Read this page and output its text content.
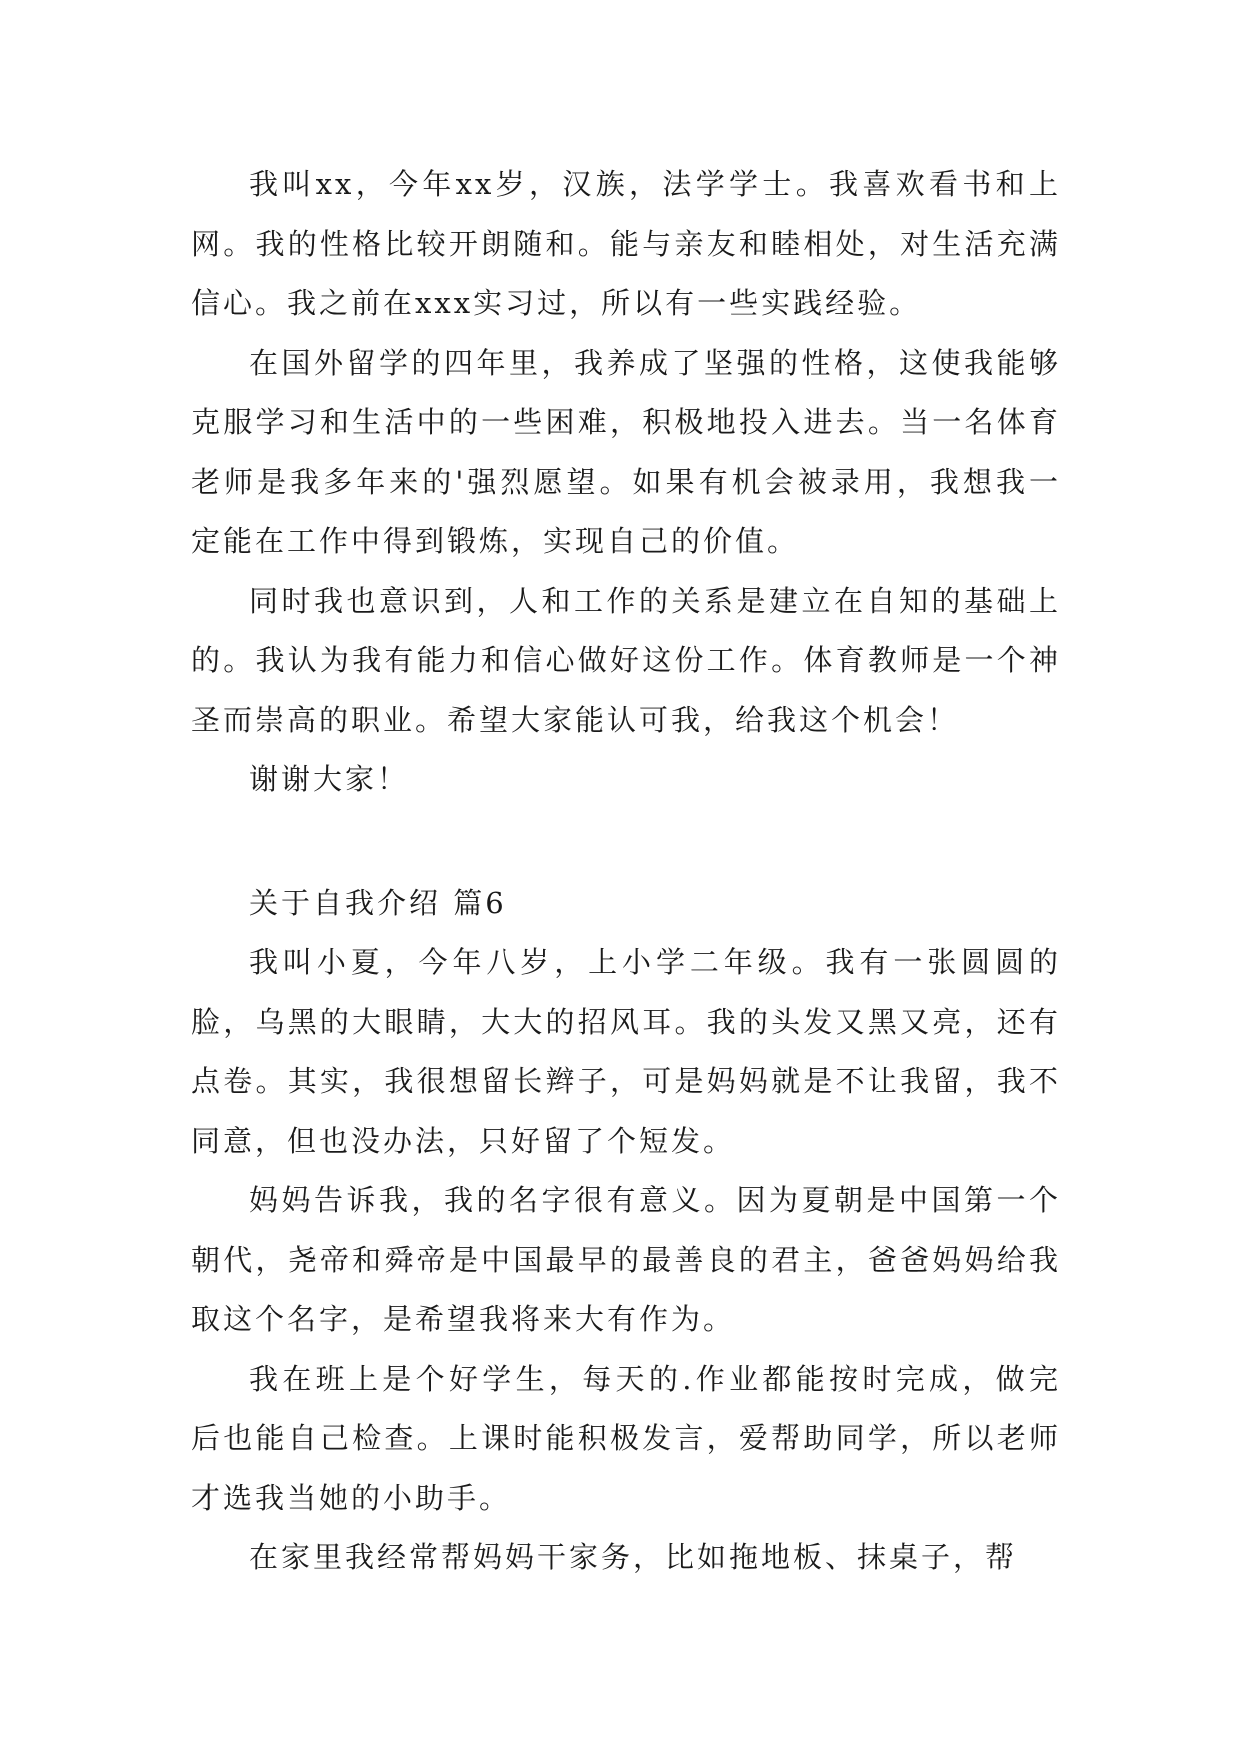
我叫xx，今年xx岁，汉族，法学学士。我喜欢看书和上网。我的性格比较开朗随和。能与亲友和睦相处，对生活充满信心。我之前在xxx实习过，所以有一些实践经验。

在国外留学的四年里，我养成了坚强的性格，这使我能够克服学习和生活中的一些困难，积极地投入进去。当一名体育老师是我多年来的'强烈愿望。如果有机会被录用，我想我一定能在工作中得到锻炼，实现自己的价值。

同时我也意识到，人和工作的关系是建立在自知的基础上的。我认为我有能力和信心做好这份工作。体育教师是一个神圣而崇高的职业。希望大家能认可我，给我这个机会！

谢谢大家！

关于自我介绍 篇6

我叫小夏，今年八岁，上小学二年级。我有一张圆圆的脸，乌黑的大眼睛，大大的招风耳。我的头发又黑又亮，还有点卷。其实，我很想留长辫子，可是妈妈就是不让我留，我不同意，但也没办法，只好留了个短发。

妈妈告诉我，我的名字很有意义。因为夏朝是中国第一个朝代，尧帝和舜帝是中国最早的最善良的君主，爸爸妈妈给我取这个名字，是希望我将来大有作为。

我在班上是个好学生，每天的.作业都能按时完成，做完后也能自己检查。上课时能积极发言，爱帮助同学，所以老师才选我当她的小助手。

在家里我经常帮妈妈干家务，比如拖地板、抹桌子，帮
